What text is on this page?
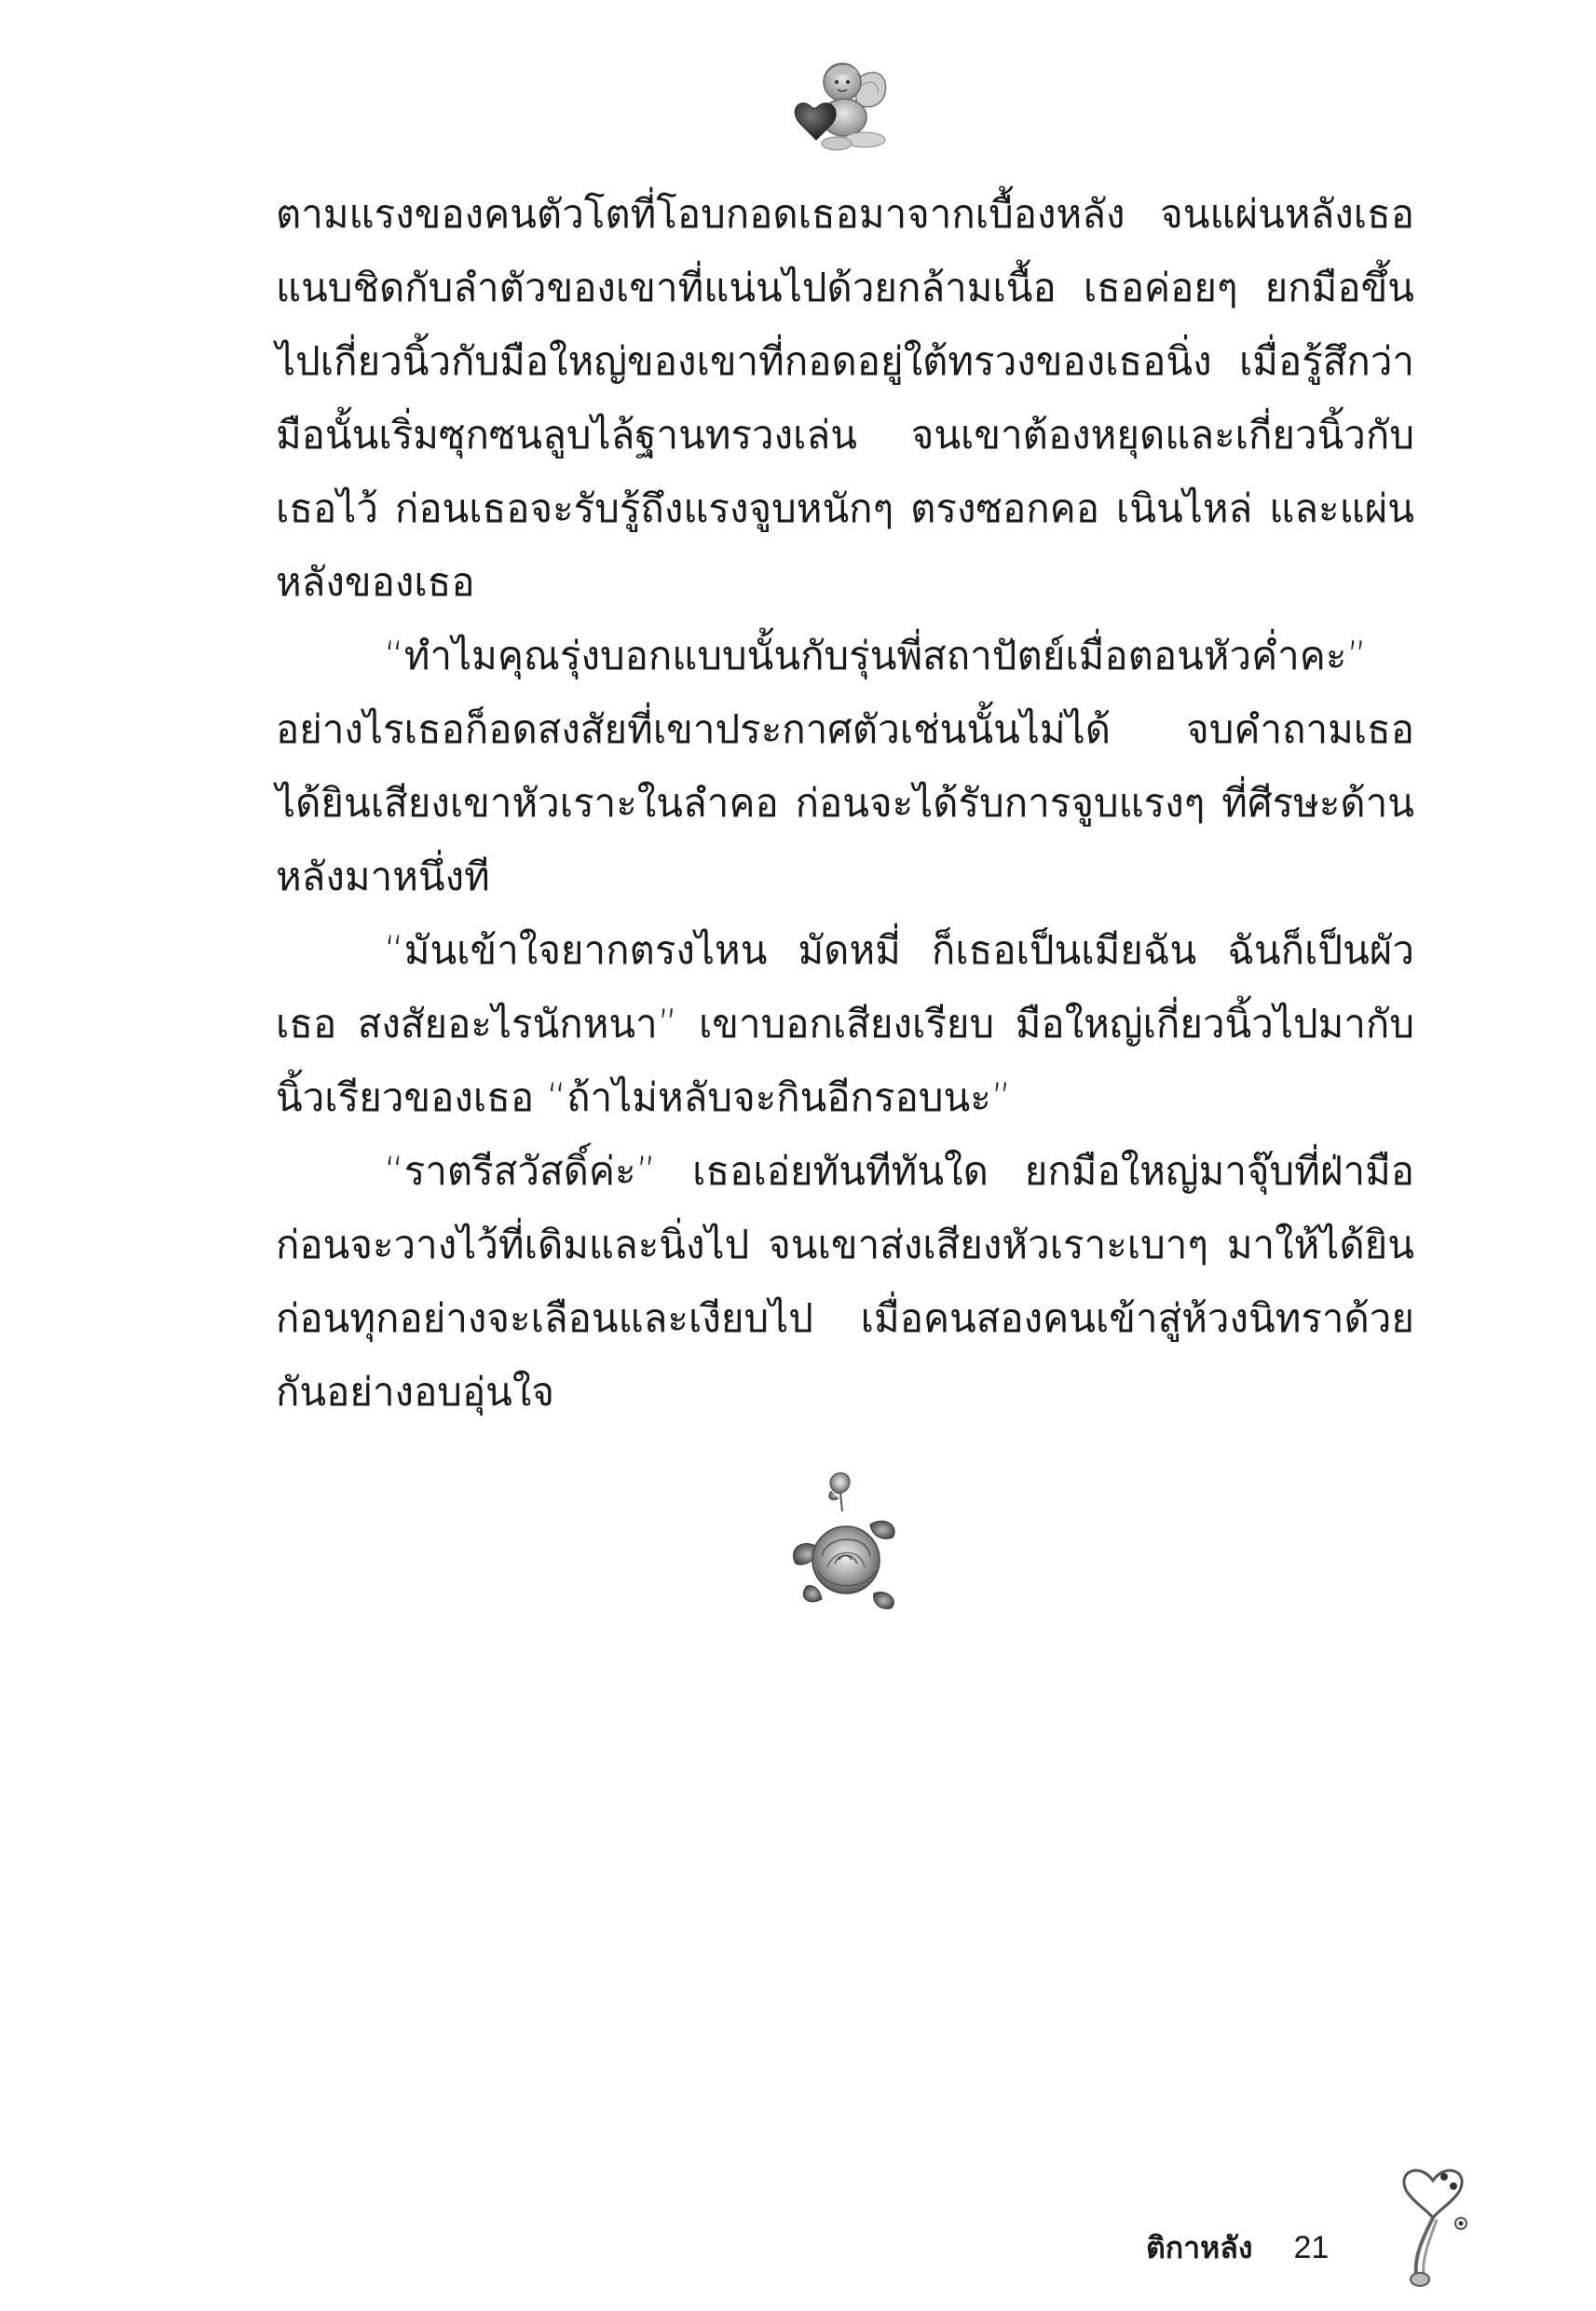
ตามแรงของคนตัวโตที่โอบกอดเธอมาจากเบื้องหลัง จนแผ่นหลังเธอแนบชิดกับลำตัวของเขาที่แน่นไปด้วยกล้ามเนื้อ เธอค่อยๆ ยกมือขึ้นไปเกี่ยวนิ้วกับมือใหญ่ของเขาที่กอดอยู่ใต้ทรวงของเธอนิ่ง เมื่อรู้สึกว่ามือนั้นเริ่มซุกซนลูบไล้ฐานทรวงเล่น จนเขาต้องหยุดและเกี่ยวนิ้วกับเธอไว้ ก่อนเธอจะรับรู้ถึงแรงจูบหนักๆ ตรงซอกคอ เนินไหล่ และแผ่นหลังของเธอ

“ทำไมคุณรุ่งบอกแบบนั้นกับรุ่นพี่สถาปัตย์เมื่อตอนหัวค่ำคะ” อย่างไรเธอก็อดสงสัยที่เขาประกาศตัวเช่นนั้นไม่ได้ จบคำถามเธอได้ยินเสียงเขาหัวเราะในลำคอ ก่อนจะได้รับการจูบแรงๆ ที่ศีรษะด้านหลังมาหนึ่งที

“มันเข้าใจยากตรงไหน มัดหมี่ ก็เธอเป็นเมียฉัน ฉันก็เป็นผัวเธอ สงสัยอะไรนักหนา” เขาบอกเสียงเรียบ มือใหญ่เกี่ยวนิ้วไปมากับนิ้วเรียวของเธอ “ถ้าไม่หลับจะกินอีกรอบนะ”

“ราตรีสวัสดิ์ค่ะ” เธอเอ่ยทันทีทันใด ยกมือใหญ่มาจุ๊บที่ฝ่ามือ ก่อนจะวางไว้ที่เดิมและนิ่งไป จนเขาส่งเสียงหัวเราะเบาๆ มาให้ได้ยิน ก่อนทุกอย่างจะเลือนและเงียบไป เมื่อคนสองคนเข้าสู่ห้วงนิทราด้วยกันอย่างอบอุ่นใจ

ติกาหลัง 21
